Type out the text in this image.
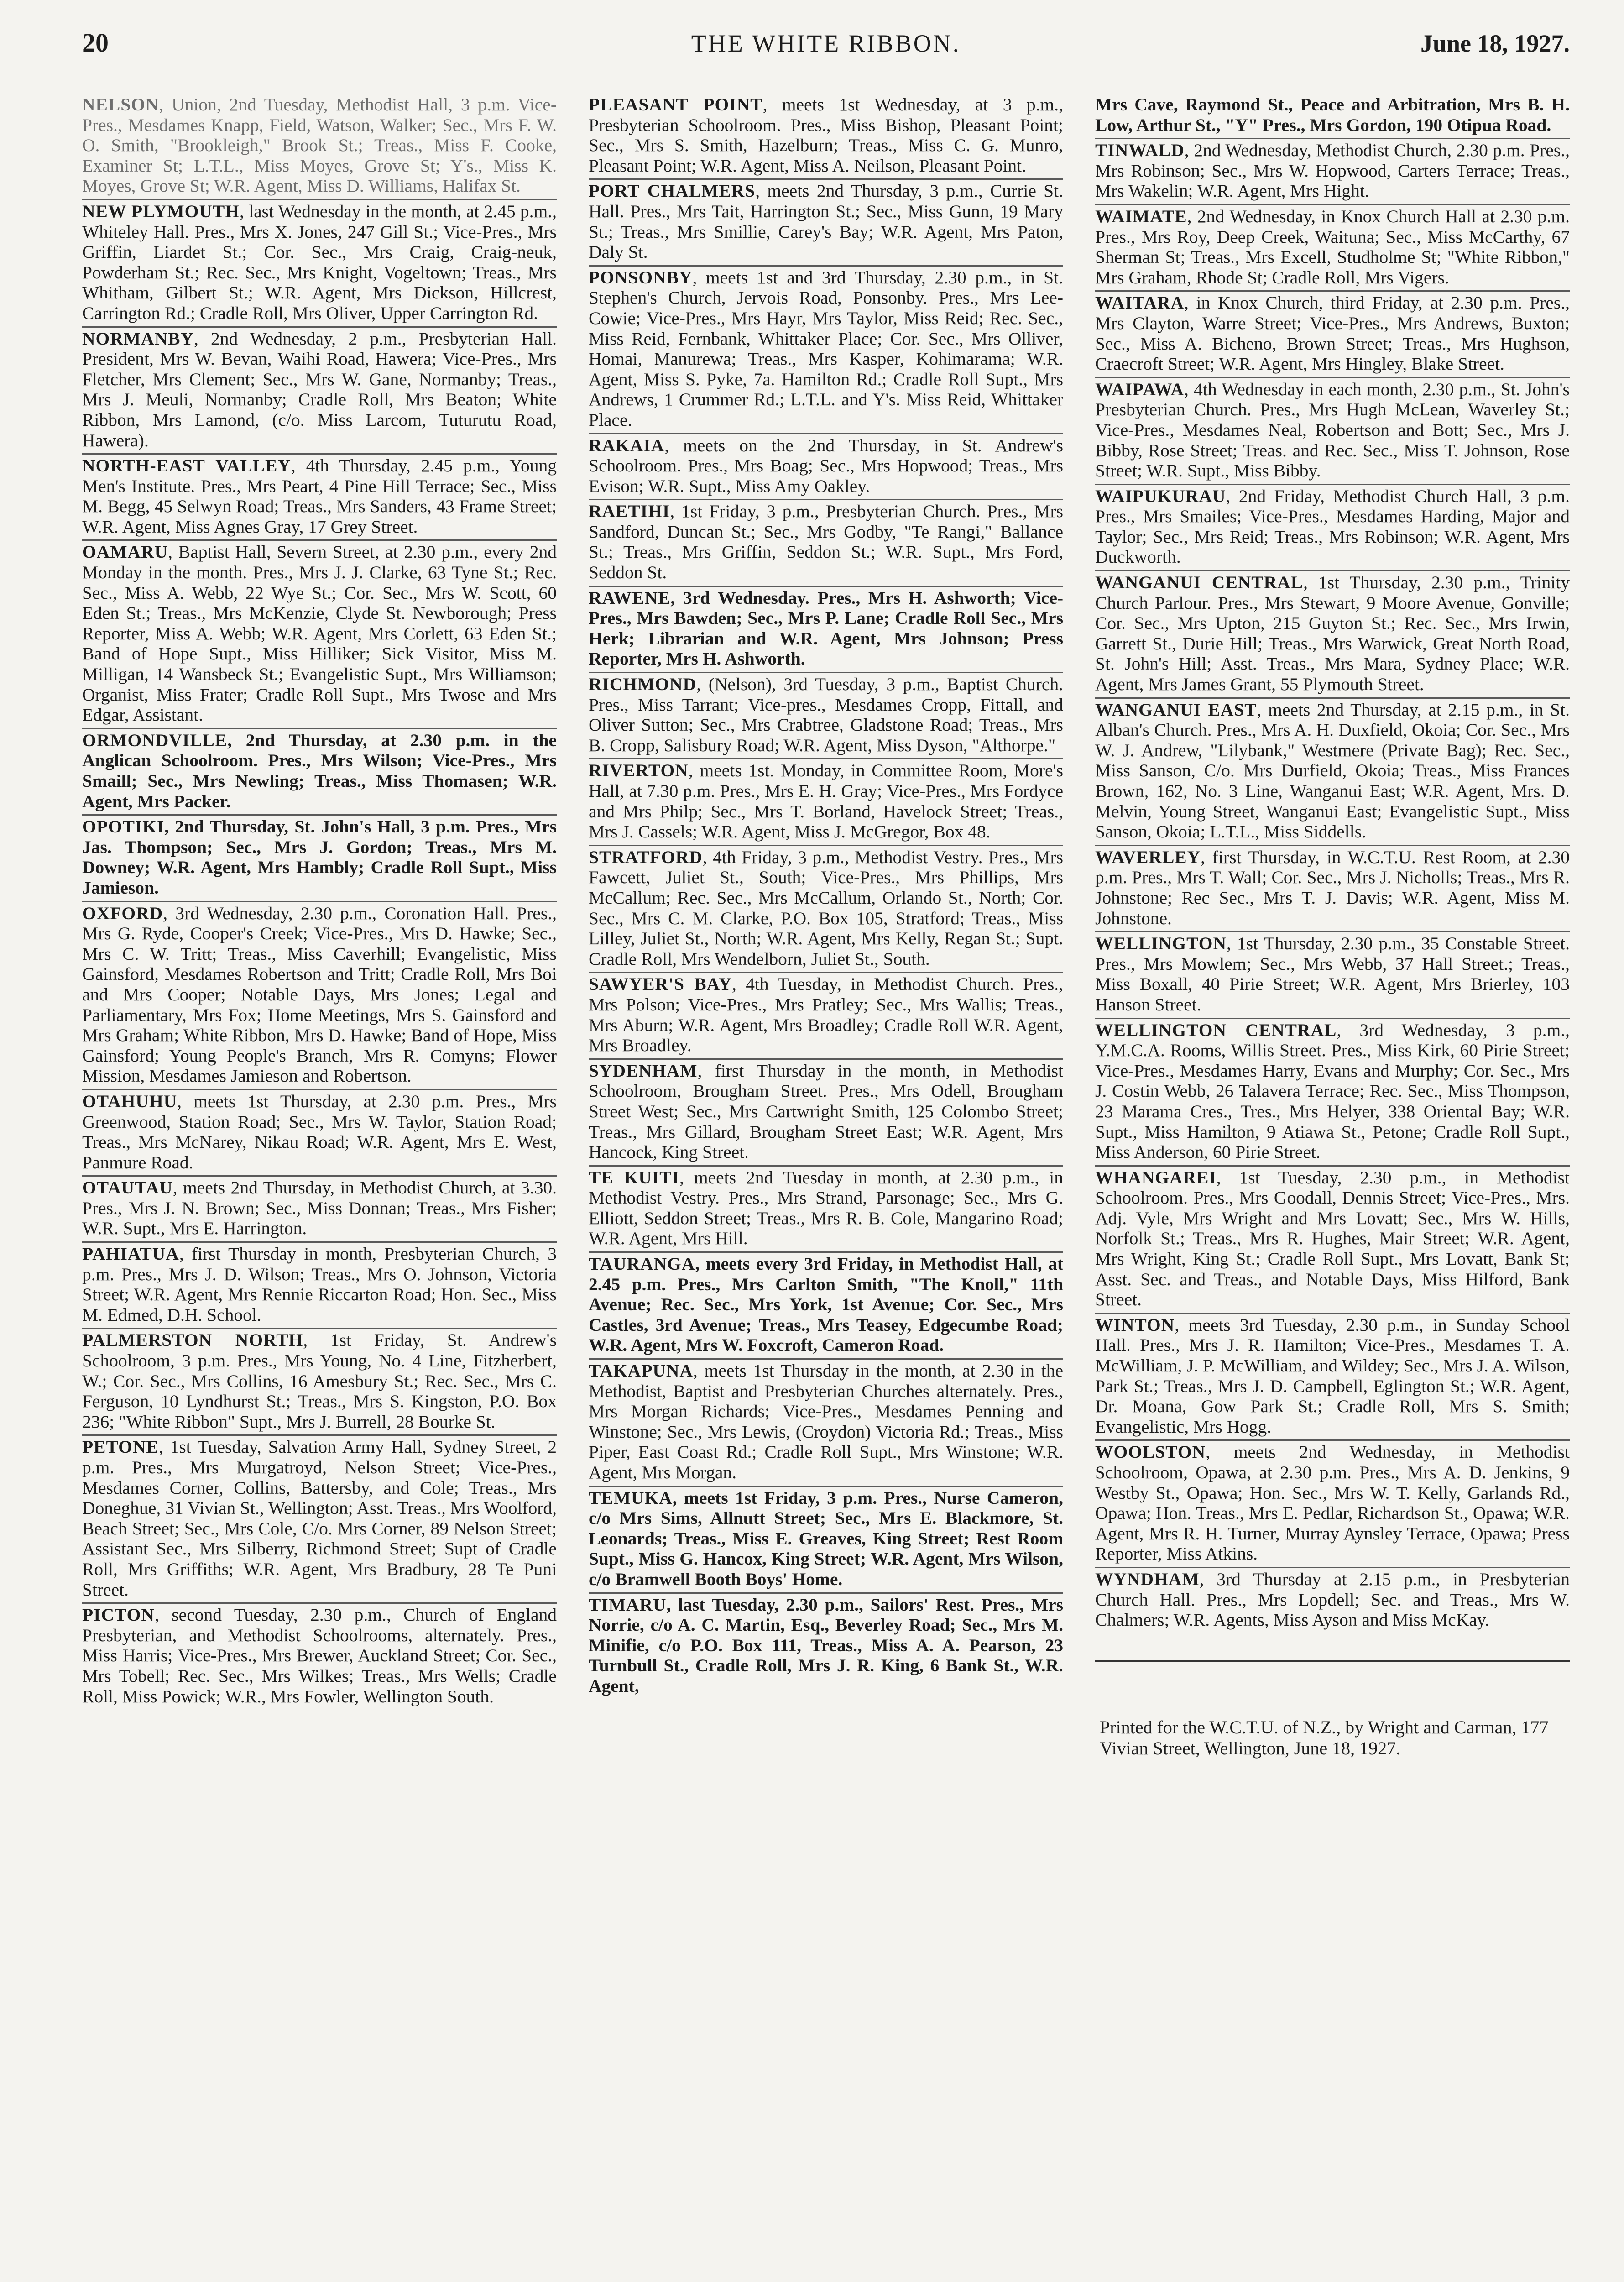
20	THE WHITE RIBBON.	June 18, 1927.

NELSON, Union, 2nd Tuesday, Methodist Hall, 3 p.m. Vice-Pres., Mesdames Knapp, Field, Watson, Walker; Sec., Mrs F. W. O. Smith, "Brookleigh," Brook St.; Treas., Miss F. Cooke, Examiner St; L.T.L., Miss Moyes, Grove St; Y's., Miss K. Moyes, Grove St; W.R. Agent, Miss D. Williams, Halifax St.

NEW PLYMOUTH, last Wednesday in the month, at 2.45 p.m., Whiteley Hall. Pres., Mrs X. Jones, 247 Gill St.; Vice-Pres., Mrs Griffin, Liardet St.; Cor. Sec., Mrs Craig, Craig-neuk, Powderham St.; Rec. Sec., Mrs Knight, Vogeltown; Treas., Mrs Whitham, Gilbert St.; W.R. Agent, Mrs Dickson, Hillcrest, Carrington Rd.; Cradle Roll, Mrs Oliver, Upper Carrington Rd.

NORMANBY, 2nd Wednesday, 2 p.m., Presbyterian Hall. President, Mrs W. Bevan, Waihi Road, Hawera; Vice-Pres., Mrs Fletcher, Mrs Clement; Sec., Mrs W. Gane, Normanby; Treas., Mrs J. Meuli, Normanby; Cradle Roll, Mrs Beaton; White Ribbon, Mrs Lamond, (c/o. Miss Larcom, Tuturutu Road, Hawera).

NORTH-EAST VALLEY, 4th Thursday, 2.45 p.m., Young Men's Institute. Pres., Mrs Peart, 4 Pine Hill Terrace; Sec., Miss M. Begg, 45 Selwyn Road; Treas., Mrs Sanders, 43 Frame Street; W.R. Agent, Miss Agnes Gray, 17 Grey Street.

OAMARU, Baptist Hall, Severn Street, at 2.30 p.m., every 2nd Monday in the month. Pres., Mrs J. J. Clarke, 63 Tyne St.; Rec. Sec., Miss A. Webb, 22 Wye St.; Cor. Sec., Mrs W. Scott, 60 Eden St.; Treas., Mrs McKenzie, Clyde St. Newborough; Press Reporter, Miss A. Webb; W.R. Agent, Mrs Corlett, 63 Eden St.; Band of Hope Supt., Miss Hilliker; Sick Visitor, Miss M. Milligan, 14 Wansbeck St.; Evangelistic Supt., Mrs Williamson; Organist, Miss Frater; Cradle Roll Supt., Mrs Twose and Mrs Edgar, Assistant.

ORMONDVILLE, 2nd Thursday, at 2.30 p.m. in the Anglican Schoolroom. Pres., Mrs Wilson; Vice-Pres., Mrs Smaill; Sec., Mrs Newling; Treas., Miss Thomasen; W.R. Agent, Mrs Packer.

OPOTIKI, 2nd Thursday, St. John's Hall, 3 p.m. Pres., Mrs Jas. Thompson; Sec., Mrs J. Gordon; Treas., Mrs M. Downey; W.R. Agent, Mrs Hambly; Cradle Roll Supt., Miss Jamieson.

OXFORD, 3rd Wednesday, 2.30 p.m., Coronation Hall. Pres., Mrs G. Ryde, Cooper's Creek; Vice-Pres., Mrs D. Hawke; Sec., Mrs C. W. Tritt; Treas., Miss Caverhill; Evangelistic, Miss Gainsford, Mesdames Robertson and Tritt; Cradle Roll, Mrs Boi and Mrs Cooper; Notable Days, Mrs Jones; Legal and Parliamentary, Mrs Fox; Home Meetings, Mrs S. Gainsford and Mrs Graham; White Ribbon, Mrs D. Hawke; Band of Hope, Miss Gainsford; Young People's Branch, Mrs R. Comyns; Flower Mission, Mesdames Jamieson and Robertson.

OTAHUHU, meets 1st Thursday, at 2.30 p.m. Pres., Mrs Greenwood, Station Road; Sec., Mrs W. Taylor, Station Road; Treas., Mrs McNarey, Nikau Road; W.R. Agent, Mrs E. West, Panmure Road.

OTAUTAU, meets 2nd Thursday, in Methodist Church, at 3.30. Pres., Mrs J. N. Brown; Sec., Miss Donnan; Treas., Mrs Fisher; W.R. Supt., Mrs E. Harrington.

PAHIATUA, first Thursday in month, Presbyterian Church, 3 p.m. Pres., Mrs J. D. Wilson; Treas., Mrs O. Johnson, Victoria Street; W.R. Agent, Mrs Rennie Riccarton Road; Hon. Sec., Miss M. Edmed, D.H. School.

PALMERSTON NORTH, 1st Friday, St. Andrew's Schoolroom, 3 p.m. Pres., Mrs Young, No. 4 Line, Fitzherbert, W.; Cor. Sec., Mrs Collins, 16 Amesbury St.; Rec. Sec., Mrs C. Ferguson, 10 Lyndhurst St.; Treas., Mrs S. Kingston, P.O. Box 236; "White Ribbon" Supt., Mrs J. Burrell, 28 Bourke St.

PETONE, 1st Tuesday, Salvation Army Hall, Sydney Street, 2 p.m. Pres., Mrs Murgatroyd, Nelson Street; Vice-Pres., Mesdames Corner, Collins, Battersby, and Cole; Treas., Mrs Doneghue, 31 Vivian St., Wellington; Asst. Treas., Mrs Woolford, Beach Street; Sec., Mrs Cole, C/o. Mrs Corner, 89 Nelson Street; Assistant Sec., Mrs Silberry, Richmond Street; Supt of Cradle Roll, Mrs Griffiths; W.R. Agent, Mrs Bradbury, 28 Te Puni Street.

PICTON, second Tuesday, 2.30 p.m., Church of England Presbyterian, and Methodist Schoolrooms, alternately. Pres., Miss Harris; Vice-Pres., Mrs Brewer, Auckland Street; Cor. Sec., Mrs Tobell; Rec. Sec., Mrs Wilkes; Treas., Mrs Wells; Cradle Roll, Miss Powick; W.R., Mrs Fowler, Wellington South.

PLEASANT POINT, meets 1st Wednesday, at 3 p.m., Presbyterian Schoolroom. Pres., Miss Bishop, Pleasant Point; Sec., Mrs S. Smith, Hazelburn; Treas., Miss C. G. Munro, Pleasant Point; W.R. Agent, Miss A. Neilson, Pleasant Point.

PORT CHALMERS, meets 2nd Thursday, 3 p.m., Currie St. Hall. Pres., Mrs Tait, Harrington St.; Sec., Miss Gunn, 19 Mary St.; Treas., Mrs Smillie, Carey's Bay; W.R. Agent, Mrs Paton, Daly St.

PONSONBY, meets 1st and 3rd Thursday, 2.30 p.m., in St. Stephen's Church, Jervois Road, Ponsonby. Pres., Mrs Lee-Cowie; Vice-Pres., Mrs Hayr, Mrs Taylor, Miss Reid; Rec. Sec., Miss Reid, Fernbank, Whittaker Place; Cor. Sec., Mrs Olliver, Homai, Manurewa; Treas., Mrs Kasper, Kohimarama; W.R. Agent, Miss S. Pyke, 7a. Hamilton Rd.; Cradle Roll Supt., Mrs Andrews, 1 Crummer Rd.; L.T.L. and Y's. Miss Reid, Whittaker Place.

RAKAIA, meets on the 2nd Thursday, in St. Andrew's Schoolroom. Pres., Mrs Boag; Sec., Mrs Hopwood; Treas., Mrs Evison; W.R. Supt., Miss Amy Oakley.

RAETIHI, 1st Friday, 3 p.m., Presbyterian Church. Pres., Mrs Sandford, Duncan St.; Sec., Mrs Godby, "Te Rangi," Ballance St.; Treas., Mrs Griffin, Seddon St.; W.R. Supt., Mrs Ford, Seddon St.

RAWENE, 3rd Wednesday. Pres., Mrs H. Ashworth; Vice-Pres., Mrs Bawden; Sec., Mrs P. Lane; Cradle Roll Sec., Mrs Herk; Librarian and W.R. Agent, Mrs Johnson; Press Reporter, Mrs H. Ashworth.

RICHMOND, (Nelson), 3rd Tuesday, 3 p.m., Baptist Church. Pres., Miss Tarrant; Vice-pres., Mesdames Cropp, Fittall, and Oliver Sutton; Sec., Mrs Crabtree, Gladstone Road; Treas., Mrs B. Cropp, Salisbury Road; W.R. Agent, Miss Dyson, "Althorpe."

RIVERTON, meets 1st. Monday, in Committee Room, More's Hall, at 7.30 p.m. Pres., Mrs E. H. Gray; Vice-Pres., Mrs Fordyce and Mrs Philp; Sec., Mrs T. Borland, Havelock Street; Treas., Mrs J. Cassels; W.R. Agent, Miss J. McGregor, Box 48.

STRATFORD, 4th Friday, 3 p.m., Methodist Vestry. Pres., Mrs Fawcett, Juliet St., South; Vice-Pres., Mrs Phillips, Mrs McCallum; Rec. Sec., Mrs McCallum, Orlando St., North; Cor. Sec., Mrs C. M. Clarke, P.O. Box 105, Stratford; Treas., Miss Lilley, Juliet St., North; W.R. Agent, Mrs Kelly, Regan St.; Supt. Cradle Roll, Mrs Wendelborn, Juliet St., South.

SAWYER'S BAY, 4th Tuesday, in Methodist Church. Pres., Mrs Polson; Vice-Pres., Mrs Pratley; Sec., Mrs Wallis; Treas., Mrs Aburn; W.R. Agent, Mrs Broadley; Cradle Roll W.R. Agent, Mrs Broadley.

SYDENHAM, first Thursday in the month, in Methodist Schoolroom, Brougham Street. Pres., Mrs Odell, Brougham Street West; Sec., Mrs Cartwright Smith, 125 Colombo Street; Treas., Mrs Gillard, Brougham Street East; W.R. Agent, Mrs Hancock, King Street.

TE KUITI, meets 2nd Tuesday in month, at 2.30 p.m., in Methodist Vestry. Pres., Mrs Strand, Parsonage; Sec., Mrs G. Elliott, Seddon Street; Treas., Mrs R. B. Cole, Mangarino Road; W.R. Agent, Mrs Hill.

TAURANGA, meets every 3rd Friday, in Methodist Hall, at 2.45 p.m. Pres., Mrs Carlton Smith, "The Knoll," 11th Avenue; Rec. Sec., Mrs York, 1st Avenue; Cor. Sec., Mrs Castles, 3rd Avenue; Treas., Mrs Teasey, Edgecumbe Road; W.R. Agent, Mrs W. Foxcroft, Cameron Road.

TAKAPUNA, meets 1st Thursday in the month, at 2.30 in the Methodist, Baptist and Presbyterian Churches alternately. Pres., Mrs Morgan Richards; Vice-Pres., Mesdames Penning and Winstone; Sec., Mrs Lewis, (Croydon) Victoria Rd.; Treas., Miss Piper, East Coast Rd.; Cradle Roll Supt., Mrs Winstone; W.R. Agent, Mrs Morgan.

TEMUKA, meets 1st Friday, 3 p.m. Pres., Nurse Cameron, c/o Mrs Sims, Allnutt Street; Sec., Mrs E. Blackmore, St. Leonards; Treas., Miss E. Greaves, King Street; Rest Room Supt., Miss G. Hancox, King Street; W.R. Agent, Mrs Wilson, c/o Bramwell Booth Boys' Home.

TIMARU, last Tuesday, 2.30 p.m., Sailors' Rest. Pres., Mrs Norrie, c/o A. C. Martin, Esq., Beverley Road; Sec., Mrs M. Minifie, c/o P.O. Box 111, Treas., Miss A. A. Pearson, 23 Turnbull St., Cradle Roll, Mrs J. R. King, 6 Bank St., W.R. Agent,

Mrs Cave, Raymond St., Peace and Arbitration, Mrs B. H. Low, Arthur St., "Y" Pres., Mrs Gordon, 190 Otipua Road.

TINWALD, 2nd Wednesday, Methodist Church, 2.30 p.m. Pres., Mrs Robinson; Sec., Mrs W. Hopwood, Carters Terrace; Treas., Mrs Wakelin; W.R. Agent, Mrs Hight.

WAIMATE, 2nd Wednesday, in Knox Church Hall at 2.30 p.m. Pres., Mrs Roy, Deep Creek, Waituna; Sec., Miss McCarthy, 67 Sherman St; Treas., Mrs Excell, Studholme St; "White Ribbon," Mrs Graham, Rhode St; Cradle Roll, Mrs Vigers.

WAITARA, in Knox Church, third Friday, at 2.30 p.m. Pres., Mrs Clayton, Warre Street; Vice-Pres., Mrs Andrews, Buxton; Sec., Miss A. Bicheno, Brown Street; Treas., Mrs Hughson, Craecroft Street; W.R. Agent, Mrs Hingley, Blake Street.

WAIPAWA, 4th Wednesday in each month, 2.30 p.m., St. John's Presbyterian Church. Pres., Mrs Hugh McLean, Waverley St.; Vice-Pres., Mesdames Neal, Robertson and Bott; Sec., Mrs J. Bibby, Rose Street; Treas. and Rec. Sec., Miss T. Johnson, Rose Street; W.R. Supt., Miss Bibby.

WAIPUKURAU, 2nd Friday, Methodist Church Hall, 3 p.m. Pres., Mrs Smailes; Vice-Pres., Mesdames Harding, Major and Taylor; Sec., Mrs Reid; Treas., Mrs Robinson; W.R. Agent, Mrs Duckworth.

WANGANUI CENTRAL, 1st Thursday, 2.30 p.m., Trinity Church Parlour. Pres., Mrs Stewart, 9 Moore Avenue, Gonville; Cor. Sec., Mrs Upton, 215 Guyton St.; Rec. Sec., Mrs Irwin, Garrett St., Durie Hill; Treas., Mrs Warwick, Great North Road, St. John's Hill; Asst. Treas., Mrs Mara, Sydney Place; W.R. Agent, Mrs James Grant, 55 Plymouth Street.

WANGANUI EAST, meets 2nd Thursday, at 2.15 p.m., in St. Alban's Church. Pres., Mrs A. H. Duxfield, Okoia; Cor. Sec., Mrs W. J. Andrew, "Lilybank," Westmere (Private Bag); Rec. Sec., Miss Sanson, C/o. Mrs Durfield, Okoia; Treas., Miss Frances Brown, 162, No. 3 Line, Wanganui East; W.R. Agent, Mrs. D. Melvin, Young Street, Wanganui East; Evangelistic Supt., Miss Sanson, Okoia; L.T.L., Miss Siddells.

WAVERLEY, first Thursday, in W.C.T.U. Rest Room, at 2.30 p.m. Pres., Mrs T. Wall; Cor. Sec., Mrs J. Nicholls; Treas., Mrs R. Johnstone; Rec Sec., Mrs T. J. Davis; W.R. Agent, Miss M. Johnstone.

WELLINGTON, 1st Thursday, 2.30 p.m., 35 Constable Street. Pres., Mrs Mowlem; Sec., Mrs Webb, 37 Hall Street.; Treas., Miss Boxall, 40 Pirie Street; W.R. Agent, Mrs Brierley, 103 Hanson Street.

WELLINGTON CENTRAL, 3rd Wednesday, 3 p.m., Y.M.C.A. Rooms, Willis Street. Pres., Miss Kirk, 60 Pirie Street; Vice-Pres., Mesdames Harry, Evans and Murphy; Cor. Sec., Mrs J. Costin Webb, 26 Talavera Terrace; Rec. Sec., Miss Thompson, 23 Marama Cres., Tres., Mrs Helyer, 338 Oriental Bay; W.R. Supt., Miss Hamilton, 9 Atiawa St., Petone; Cradle Roll Supt., Miss Anderson, 60 Pirie Street.

WHANGAREI, 1st Tuesday, 2.30 p.m., in Methodist Schoolroom. Pres., Mrs Goodall, Dennis Street; Vice-Pres., Mrs. Adj. Vyle, Mrs Wright and Mrs Lovatt; Sec., Mrs W. Hills, Norfolk St.; Treas., Mrs R. Hughes, Mair Street; W.R. Agent, Mrs Wright, King St.; Cradle Roll Supt., Mrs Lovatt, Bank St; Asst. Sec. and Treas., and Notable Days, Miss Hilford, Bank Street.

WINTON, meets 3rd Tuesday, 2.30 p.m., in Sunday School Hall. Pres., Mrs J. R. Hamilton; Vice-Pres., Mesdames T. A. McWilliam, J. P. McWilliam, and Wildey; Sec., Mrs J. A. Wilson, Park St.; Treas., Mrs J. D. Campbell, Eglington St.; W.R. Agent, Dr. Moana, Gow Park St.; Cradle Roll, Mrs S. Smith; Evangelistic, Mrs Hogg.

WOOLSTON, meets 2nd Wednesday, in Methodist Schoolroom, Opawa, at 2.30 p.m. Pres., Mrs A. D. Jenkins, 9 Westby St., Opawa; Hon. Sec., Mrs W. T. Kelly, Garlands Rd., Opawa; Hon. Treas., Mrs E. Pedlar, Richardson St., Opawa; W.R. Agent, Mrs R. H. Turner, Murray Aynsley Terrace, Opawa; Press Reporter, Miss Atkins.

WYNDHAM, 3rd Thursday at 2.15 p.m., in Presbyterian Church Hall. Pres., Mrs Lopdell; Sec. and Treas., Mrs W. Chalmers; W.R. Agents, Miss Ayson and Miss McKay.

Printed for the W.C.T.U. of N.Z., by Wright and Carman, 177 Vivian Street, Wellington, June 18, 1927.
